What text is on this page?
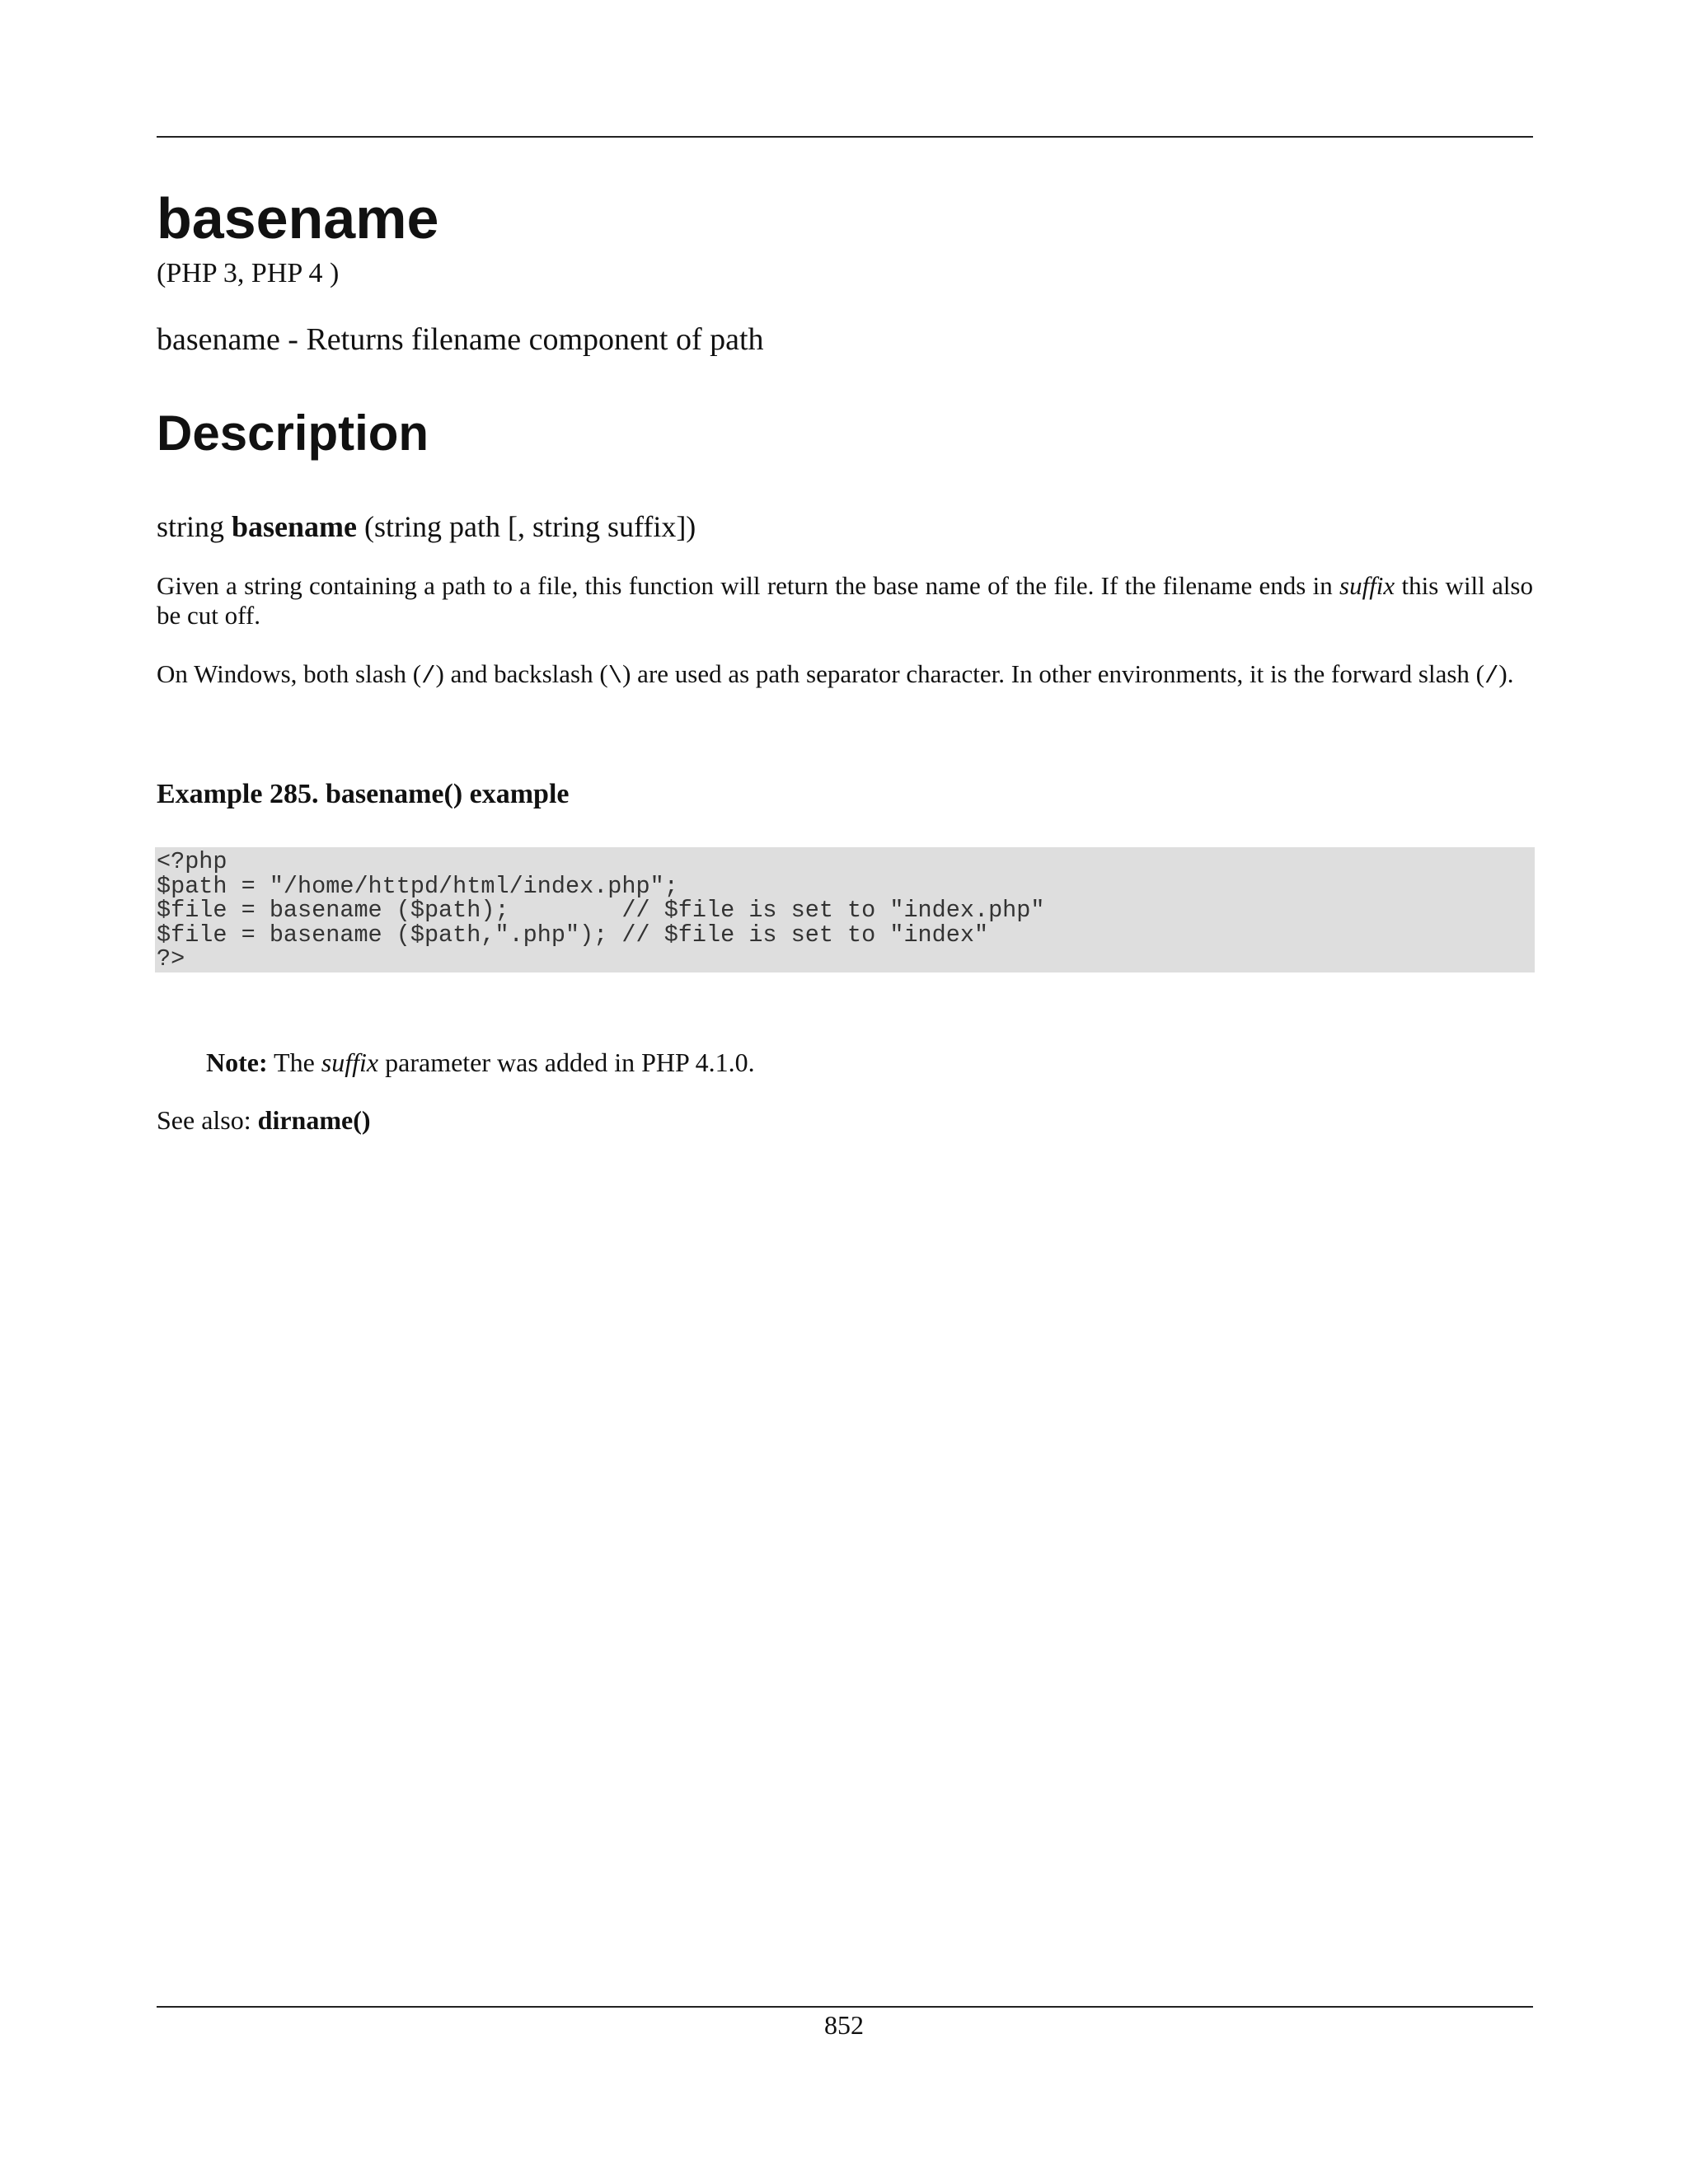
basename
(PHP 3, PHP 4 )
basename - Returns filename component of path
Description
string basename (string path [, string suffix])

Given a string containing a path to a file, this function will return the base name of the file. If the filename ends in suffix this will also be cut off.

On Windows, both slash (/) and backslash (\) are used as path separator character. In other environments, it is the forward slash (/).

Example 285. basename() example
<?php
$path = "/home/httpd/html/index.php";
$file = basename ($path);        // $file is set to "index.php"
$file = basename ($path,".php"); // $file is set to "index"
?>
Note: The suffix parameter was added in PHP 4.1.0.
See also: dirname()
852
